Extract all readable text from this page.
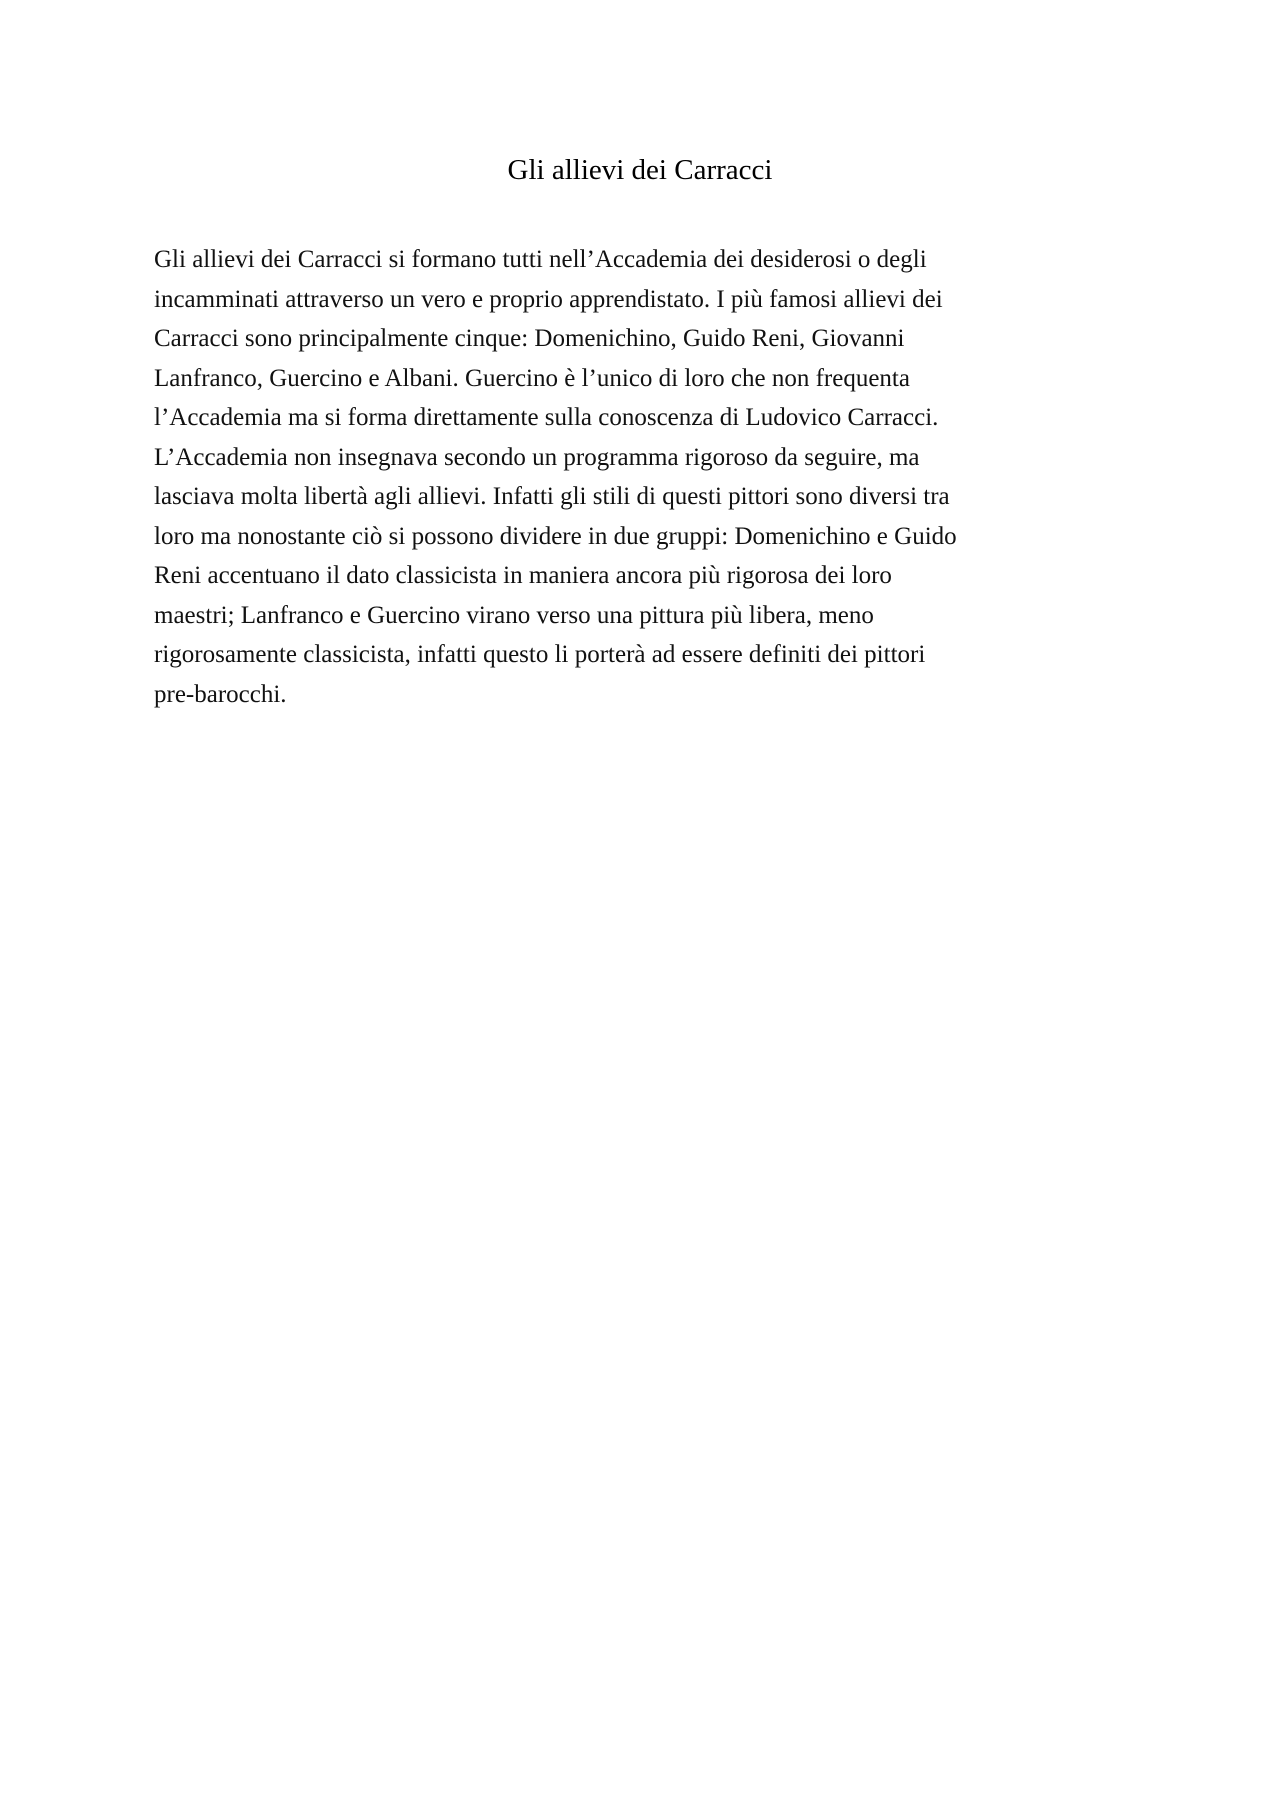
Gli allievi dei Carracci
Gli allievi dei Carracci si formano tutti nell’Accademia dei desiderosi o degli
incamminati attraverso un vero e proprio apprendistato. I più famosi allievi dei
Carracci sono principalmente cinque: Domenichino, Guido Reni, Giovanni
Lanfranco, Guercino e Albani. Guercino è l’unico di loro che non frequenta
l’Accademia ma si forma direttamente sulla conoscenza di Ludovico Carracci.
L’Accademia non insegnava secondo un programma rigoroso da seguire, ma
lasciava molta libertà agli allievi. Infatti gli stili di questi pittori sono diversi tra
loro ma nonostante ciò si possono dividere in due gruppi: Domenichino e Guido
Reni accentuano il dato classicista in maniera ancora più rigorosa dei loro
maestri; Lanfranco e Guercino virano verso una pittura più libera, meno
rigorosamente classicista, infatti questo li porterà ad essere definiti dei pittori
pre-barocchi.
